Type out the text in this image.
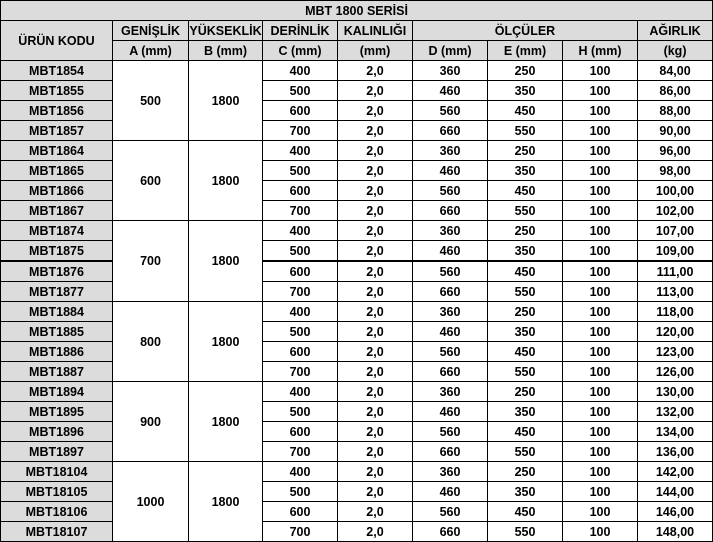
MBT 1800 SERİSİ								
ÜRÜN KODU	GENİŞLİK	YÜKSEKLİK	DERİNLİK	KALINLIĞI	ÖLÇÜLER			AĞIRLIK
	A (mm)	B (mm)	C (mm)	(mm)	D (mm)	E (mm)	H (mm)	(kg)
MBT1854	500	1800	400	2,0	360	250	100	84,00
MBT1855			500	2,0	460	350	100	86,00
MBT1856			600	2,0	560	450	100	88,00
MBT1857			700	2,0	660	550	100	90,00
MBT1864	600	1800	400	2,0	360	250	100	96,00
MBT1865			500	2,0	460	350	100	98,00
MBT1866			600	2,0	560	450	100	100,00
MBT1867			700	2,0	660	550	100	102,00
MBT1874	700	1800	400	2,0	360	250	100	107,00
MBT1875			500	2,0	460	350	100	109,00
MBT1876			600	2,0	560	450	100	111,00
MBT1877			700	2,0	660	550	100	113,00
MBT1884	800	1800	400	2,0	360	250	100	118,00
MBT1885			500	2,0	460	350	100	120,00
MBT1886			600	2,0	560	450	100	123,00
MBT1887			700	2,0	660	550	100	126,00
MBT1894	900	1800	400	2,0	360	250	100	130,00
MBT1895			500	2,0	460	350	100	132,00
MBT1896			600	2,0	560	450	100	134,00
MBT1897			700	2,0	660	550	100	136,00
MBT18104	1000	1800	400	2,0	360	250	100	142,00
MBT18105			500	2,0	460	350	100	144,00
MBT18106			600	2,0	560	450	100	146,00
MBT18107			700	2,0	660	550	100	148,00
